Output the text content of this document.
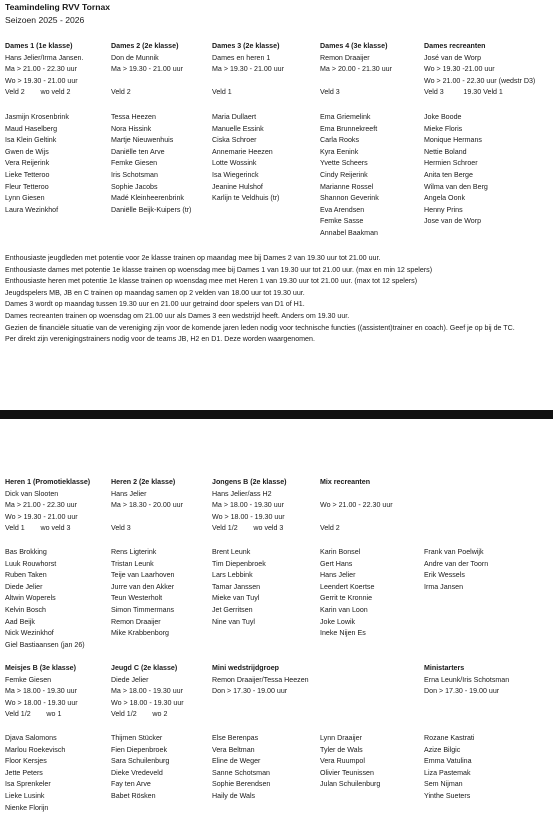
Teamindeling RVV Tornax
Seizoen 2025 - 2026
Dames 1 (1e klasse)
Hans Jelier/Irma Jansen.
Ma > 21.00 - 22.30 uur
Wo > 19.30 - 21.00 uur
Veld 2        wo veld 2
Dames 2 (2e klasse)
Don de Munnik
Ma > 19.30 - 21.00 uur
Veld 2
Dames 3 (2e klasse)
Dames en heren 1
Ma > 19.30 - 21.00 uur
Veld 1
Dames 4 (3e klasse)
Remon Draaijer
Ma > 20.00 - 21.30 uur
Veld 3
Dames recreanten
José van de Worp
Wo > 19.30 -21.00 uur
Wo > 21.00 - 22.30 uur (wedstr D3)
Veld 3          19.30 Veld 1
Jasmijn Krosenbrink
Maud Haselberg
Isa Klein Geltink
Gwen de Wijs
Vera Reijerink
Lieke Tetteroo
Fleur Tetteroo
Lynn Giesen
Laura Wezinkhof
Tessa Heezen
Nora Hissink
Martje Nieuwenhuis
Daniëlle ten Arve
Femke Giesen
Iris Schotsman
Sophie Jacobs
Madé Kleinheerenbrink
Daniëlle Beijk-Kuipers (tr)
Maria Dullaert
Manuelle Essink
Ciska Schroer
Annemarie Heezen
Lotte Wossink
Isa Wiegerinck
Jeanine Hulshof
Karlijn te Veldhuis (tr)
Ema Griemelink
Ema Brunnekreeft
Carla Rooks
Kyra Eenink
Yvette Scheers
Cindy Reijerink
Marianne Rossel
Shannon Geverink
Eva Arendsen
Femke Sasse
Annabel Baakman
Joke Boode
Mieke Floris
Monique Hermans
Nettie Boland
Hermien Schroer
Anita ten Berge
Wilma van den Berg
Angela Oonk
Henny Prins
Jose van de Worp
Enthousiaste jeugdleden met potentie voor 2e klasse trainen op maandag mee bij Dames 2 van 19.30 uur tot 21.00 uur.
Enthousiaste dames met potentie 1e klasse trainen op woensdag mee bij Dames 1 van 19.30 uur tot 21.00 uur. (max en min 12 spelers)
Enthousiaste heren met potentie 1e klasse trainen op woensdag mee met Heren 1 van 19.30 uur tot 21.00 uur. (max tot 12 spelers)
Jeugdspelers MB, JB en C trainen op maandag samen op 2 velden van 18.00 uur tot 19.30 uur.
Dames 3 wordt op maandag tussen 19.30 uur en 21.00 uur getraind door spelers van D1 of H1.
Dames recreanten trainen op woensdag om 21.00 uur als Dames 3 een wedstrijd heeft. Anders om 19.30 uur.
Gezien de financiële situatie van de vereniging zijn voor de komende jaren leden nodig voor technische functies ((assistent)trainer en coach). Geef je op bij de TC.
Per direkt zijn verenigingstrainers nodig voor de teams JB, H2 en D1. Deze worden waargenomen.
Heren 1 (Promotieklasse)
Dick van Slooten
Ma > 21.00 - 22.30 uur
Wo > 19.30 - 21.00 uur
Veld 1        wo veld 3
Heren 2 (2e klasse)
Hans Jelier
Ma > 18.30 - 20.00 uur
Veld 3
Jongens B (2e klasse)
Hans Jelier/ass H2
Ma > 18.00 - 19.30 uur
Wo > 18.00 - 19.30 uur
Veld 1/2        wo veld 3
Mix recreanten
Wo > 21.00 - 22.30 uur
Veld 2
Bas Brokking
Luuk Rouwhorst
Ruben Taken
Diede Jelier
Altwin Woperels
Kelvin Bosch
Aad Beijk
Nick Wezinkhof
Giel Bastiaansen (jan 26)
Rens Ligterink
Tristan Leunk
Teije van Laarhoven
Jurre van den Akker
Teun Westerholt
Simon Timmermans
Remon Draaijer
Mike Krabbenborg
Brent Leunk
Tim Diepenbroek
Lars Lebbink
Tamar Janssen
Mieke van Tuyl
Jet Gerritsen
Nine van Tuyl
Karin Bonsel
Gert Hans
Hans Jelier
Leendert Koertse
Gerrit te Kronnie
Karin van Loon
Joke Lowik
Ineke Nijen Es
Frank van Poelwijk
Andre van der Toorn
Erik Wessels
Irma Jansen
Meisjes B (3e klasse)
Femke Giesen
Ma > 18.00 - 19.30 uur
Wo > 18.00 - 19.30 uur
Veld 1/2        wo 1
Jeugd C (2e klasse)
Diede Jelier
Ma > 18.00 - 19.30 uur
Wo > 18.00 - 19.30 uur
Veld 1/2        wo 2
Mini wedstrijdgroep
Remon Draaijer/Tessa Heezen
Don > 17.30 - 19.00 uur
Ministarters
Erna Leunk/Iris Schotsman
Don > 17.30 - 19.00 uur
Djava Salomons
Marlou Roekevisch
Floor Kersjes
Jette Peters
Isa Sprenkeler
Lieke Lusink
Nienke Florijn
Thijmen Stücker
Fien Diepenbroek
Sara Schuilenburg
Dieke Vredeveld
Fay ten Arve
Babet Rösken
Else Berenpas
Vera Beltman
Eline de Weger
Sanne Schotsman
Sophie Berendsen
Haily de Wals
Lynn Draaijer
Tyler de Wals
Vera Ruumpol
Olivier Teunissen
Julan Schuilenburg
Rozane Kastrati
Azize Bilgic
Emma Vatulina
Liza Pastemak
Sem Nijman
Yinthe Sueters
